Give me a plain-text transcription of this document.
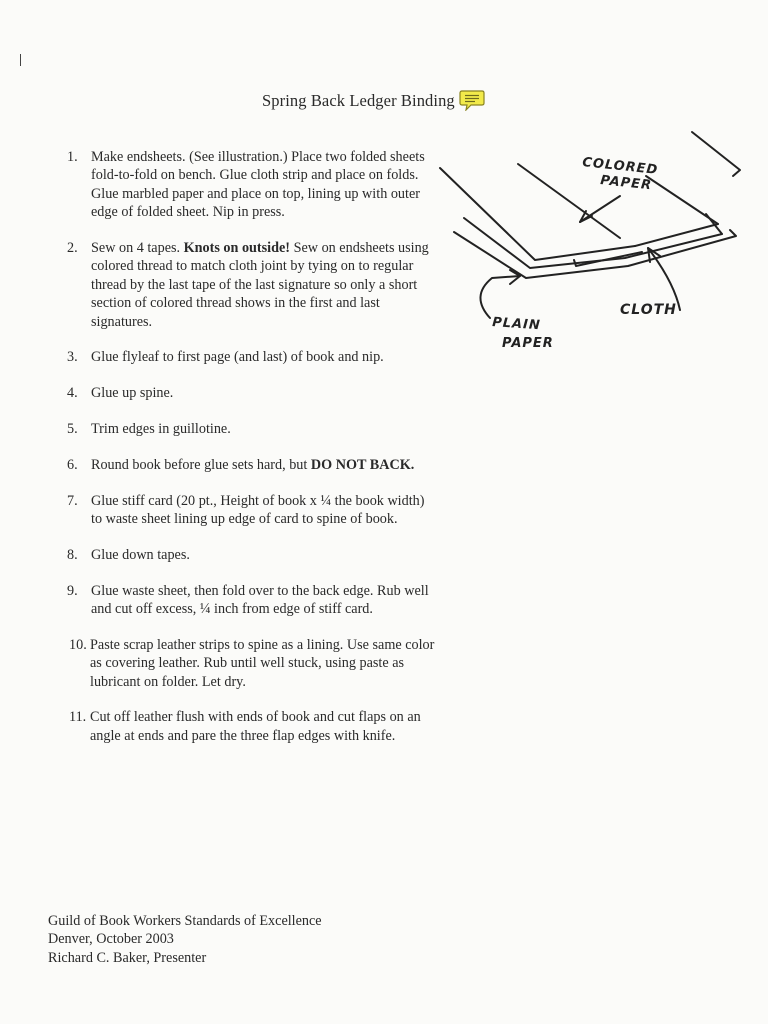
Spring Back Ledger Binding
1. Make endsheets. (See illustration.) Place two folded sheets fold-to-fold on bench. Glue cloth strip and place on folds. Glue marbled paper and place on top, lining up with outer edge of folded sheet. Nip in press.
2. Sew on 4 tapes. Knots on outside! Sew on endsheets using colored thread to match cloth joint by tying on to regular thread by the last tape of the last signature so only a short section of colored thread shows in the first and last signatures.
3. Glue flyleaf to first page (and last) of book and nip.
4. Glue up spine.
5. Trim edges in guillotine.
6. Round book before glue sets hard, but DO NOT BACK.
7. Glue stiff card (20 pt., Height of book x ¼ the book width) to waste sheet lining up edge of card to spine of book.
8. Glue down tapes.
9. Glue waste sheet, then fold over to the back edge. Rub well and cut off excess, ¼ inch from edge of stiff card.
10. Paste scrap leather strips to spine as a lining. Use same color as covering leather. Rub until well stuck, using paste as lubricant on folder. Let dry.
11. Cut off leather flush with ends of book and cut flaps on an angle at ends and pare the three flap edges with knife.
COLORED
PAPER
CLOTH
PLAIN
PAPER
Guild of Book Workers Standards of Excellence
Denver, October 2003
Richard C. Baker, Presenter
